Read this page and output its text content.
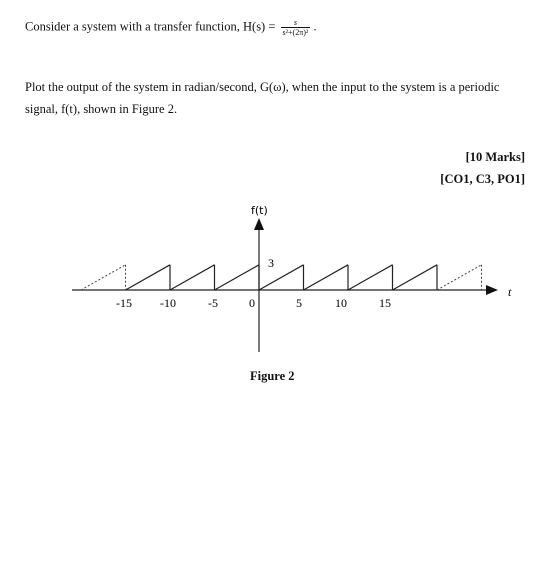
Consider a system with a transfer function, $H(s) = \frac{s}{\text{s²+(2π)²}}$ .
Plot the output of the system in radian/second, G(ω), when the input to the system is a periodic
signal, f(t), shown in Figure 2.
[10 Marks]
[CO1, C3, PO1]
f(t)
t
3
-15 -10	-5	0	5	10	15
Figure 2
